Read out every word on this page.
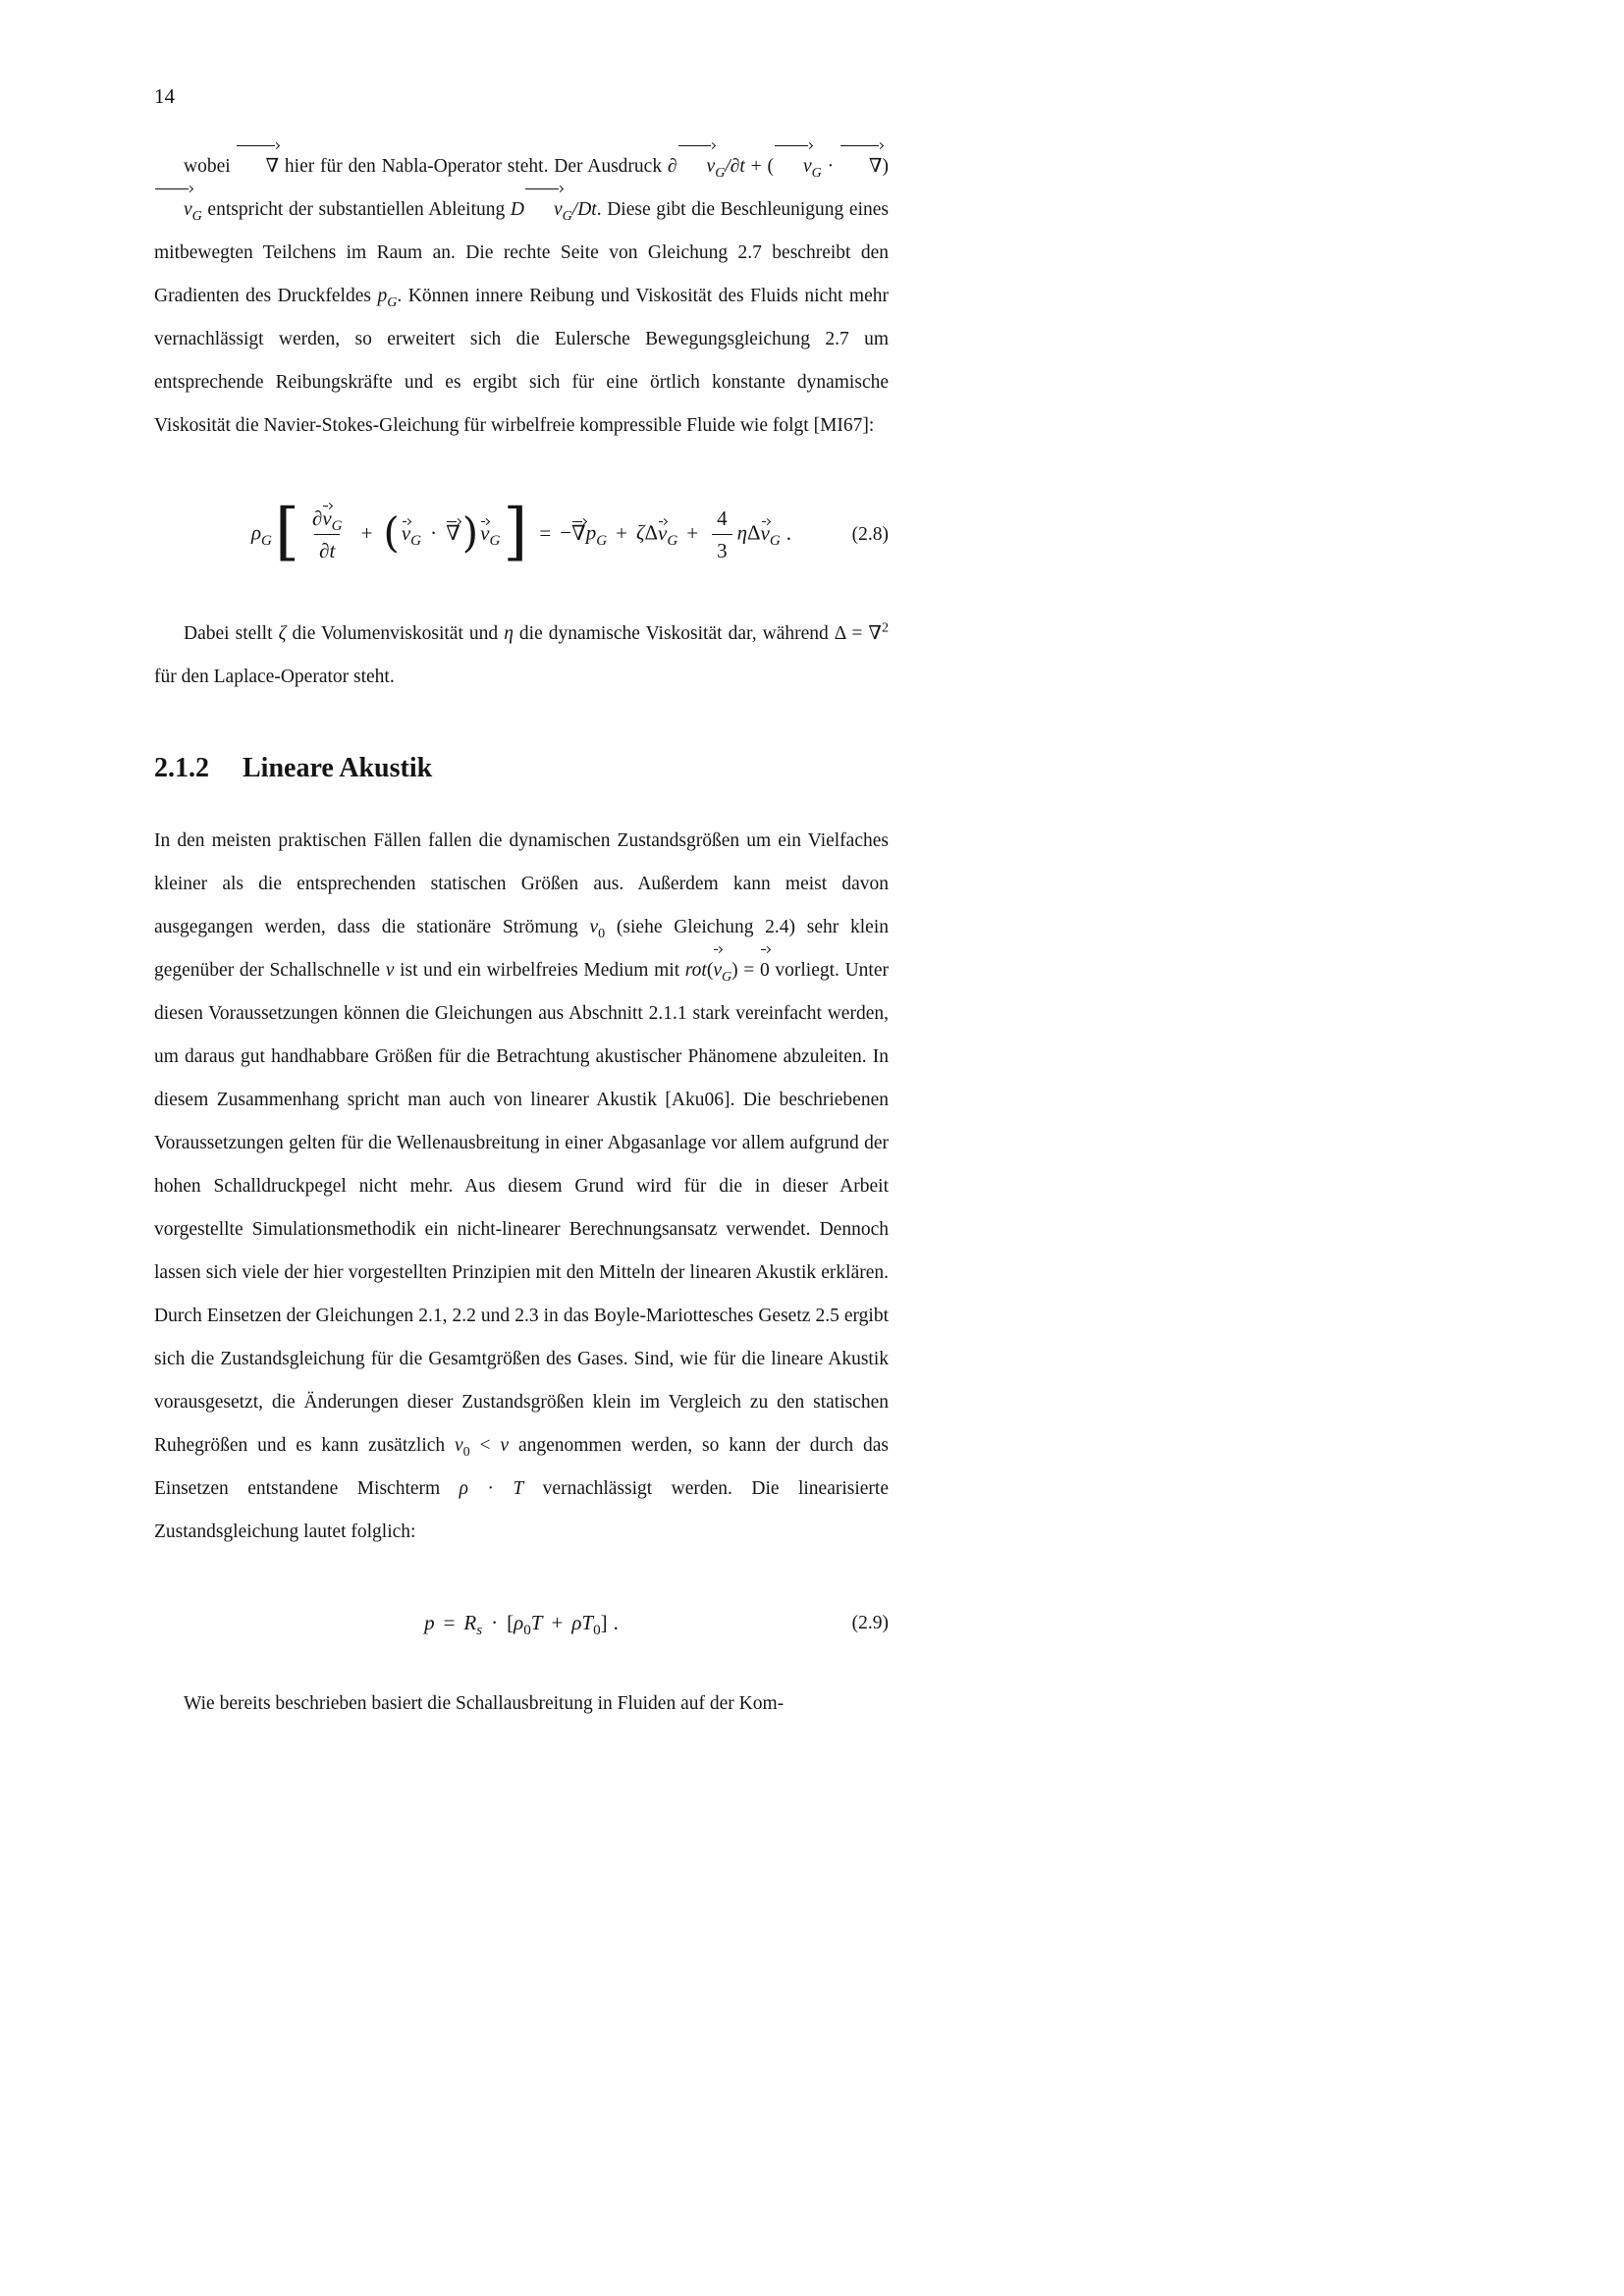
14

wobei ∇ hier für den Nabla-Operator steht. Der Ausdruck ∂ $v_G/\partial t$ + ( $v_G \cdot \nabla)v_G$ entspricht der substantiellen Ableitung D $v_G/Dt$. Diese gibt die Beschleunigung eines mitbewegten Teilchens im Raum an. Die rechte Seite von Gleichung 2.7 beschreibt den Gradienten des Druckfeldes $p_G$. Können innere Reibung und Viskosität des Fluids nicht mehr vernachlässigt werden, so erweitert sich die Eulersche Bewegungsgleichung 2.7 um entsprechende Reibungskräfte und es ergibt sich für eine örtlich konstante dynamische Viskosität die Navier-Stokes-Gleichung für wirbelfreie kompressible Fluide wie folgt [MI67]:

$\rho_G[ \frac{\partial v_G}{\partial t} + (v_G \cdot \nabla)v_G] = -\nabla p_G + \zeta\Delta v_G + \frac{4}{3} \eta\Delta v_G$ .	(2.8)

Dabei stellt ζ die Volumenviskosität und η die dynamische Viskosität dar, während Δ = ∇$^2$ für den Laplace-Operator steht.

2.1.2 Lineare Akustik

In den meisten praktischen Fällen fallen die dynamischen Zustandsgrößen um ein Vielfaches kleiner als die entsprechenden statischen Größen aus. Außerdem kann meist davon ausgegangen werden, dass die stationäre Strömung $v_0$ (siehe Gleichung 2.4) sehr klein gegenüber der Schallschnelle v ist und ein wirbelfreies Medium mit $rot(v_G) = 0$ vorliegt. Unter diesen Voraussetzungen können die Gleichungen aus Abschnitt 2.1.1 stark vereinfacht werden, um daraus gut handhabbare Größen für die Betrachtung akustischer Phänomene abzuleiten. In diesem Zusammenhang spricht man auch von linearer Akustik [Aku06]. Die beschriebenen Voraussetzungen gelten für die Wellenausbreitung in einer Abgasanlage vor allem aufgrund der hohen Schalldruckpegel nicht mehr. Aus diesem Grund wird für die in dieser Arbeit vorgestellte Simulationsmethodik ein nicht-linearer Berechnungsansatz verwendet. Dennoch lassen sich viele der hier vorgestellten Prinzipien mit den Mitteln der linearen Akustik erklären. Durch Einsetzen der Gleichungen 2.1, 2.2 und 2.3 in das Boyle-Mariottesches Gesetz 2.5 ergibt sich die Zustandsgleichung für die Gesamtgrößen des Gases. Sind, wie für die lineare Akustik vorausgesetzt, die Änderungen dieser Zustandsgrößen klein im Vergleich zu den statischen Ruhegrößen und es kann zusätzlich $v_0 < v$ angenommen werden, so kann der durch das Einsetzen entstandene Mischterm ρ · T vernachlässigt werden. Die linearisierte Zustandsgleichung lautet folglich:

$p = R_s \cdot [\rho_0T + \rho T_0]$ .	(2.9)

Wie bereits beschrieben basiert die Schallausbreitung in Fluiden auf der Kom-
